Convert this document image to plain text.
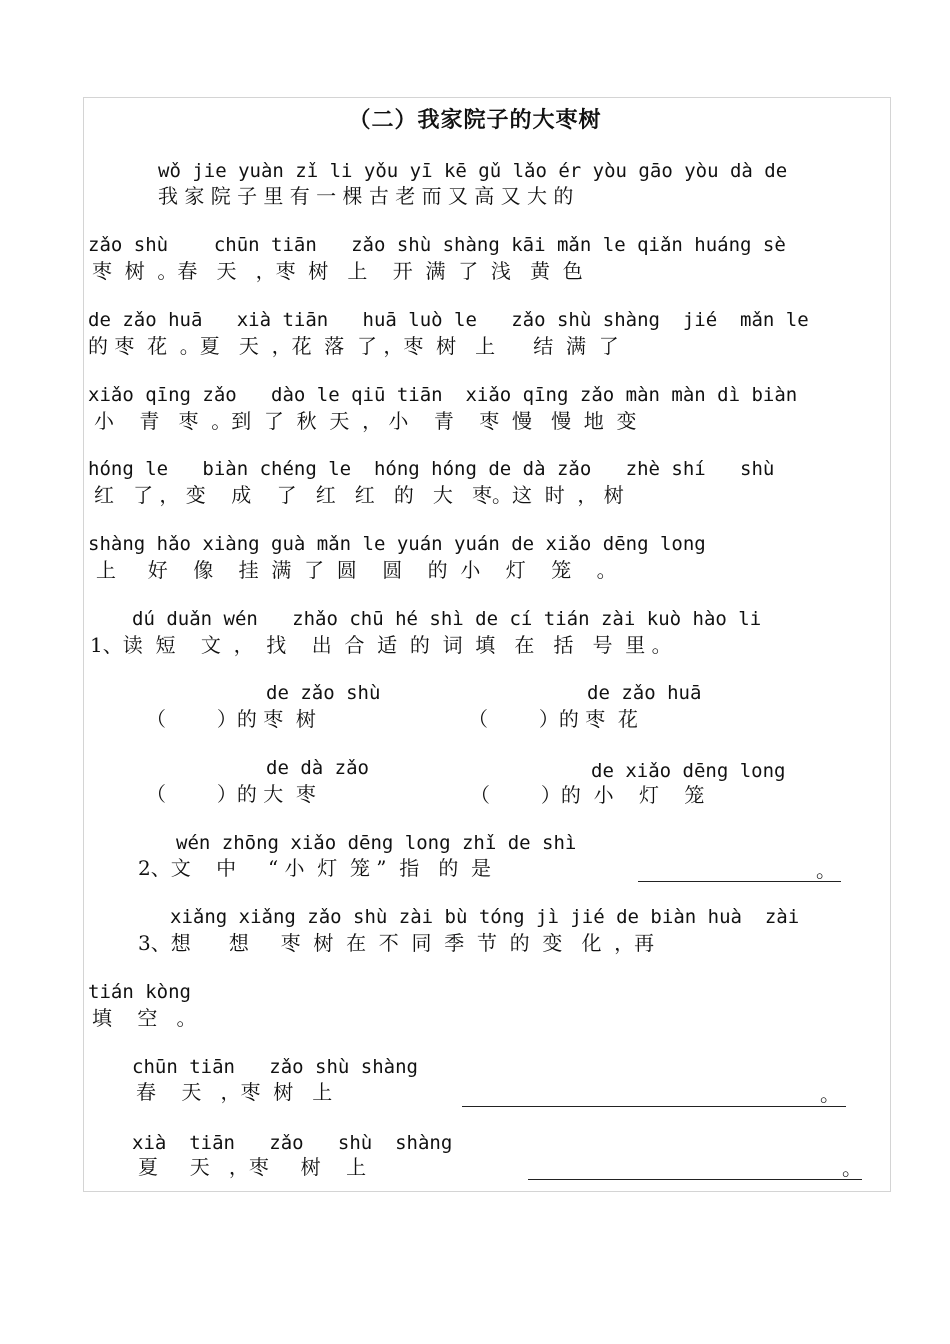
（二）我家院子的大枣树
wǒ jie yuàn zǐ li yǒu yī kē gǔ lǎo ér yòu gāo yòu dà de
我 家 院 子 里 有 一 棵 古 老 而 又 高 又 大 的
zǎo shù    chūn tiān   zǎo shù shàng kāi mǎn le qiǎn huáng sè
枣  树  。春   天   ，枣  树   上    开  满  了  浅   黄  色
de zǎo huā   xià tiān   huā luò le   zǎo shù shàng  jié  mǎn le
的 枣  花  。夏   天  ，花  落  了 ，枣  树   上      结  满  了
xiǎo qīng zǎo   dào le qiū tiān  xiǎo qīng zǎo màn màn dì biàn
小    青   枣  。到  了  秋  天  ， 小    青    枣  慢   慢  地  变
hóng le   biàn chéng le  hóng hóng de dà zǎo   zhè shí   shù
红   了 ， 变    成    了   红   红   的   大   枣。这  时  ， 树
shàng hǎo xiàng guà mǎn le yuán yuán de xiǎo dēng long
上     好    像    挂  满  了  圆    圆    的  小    灯    笼    。
dú duǎn wén   zhǎo chū hé shì de cí tián zài kuò hào li
1、读  短    文  ，  找    出  合  适  的  词  填   在   括   号  里 。
de zǎo shù
（        ）的 枣  树
de zǎo huā
（        ）的 枣  花
de dà zǎo
（        ）的 大  枣
de xiǎo dēng long
（        ）的  小    灯    笼
wén zhōng xiǎo dēng long zhǐ de shì
2、文    中     “ 小  灯  笼 ”  指   的  是	。
xiǎng xiǎng zǎo shù zài bù tóng jì jié de biàn huà  zài
3、想      想     枣  树  在  不  同  季  节  的  变   化  ，再
tián kòng
填    空   。
chūn tiān   zǎo shù shàng
春    天   ，枣  树   上	。
xià  tiān   zǎo   shù  shàng
夏     天   ，枣     树    上	。
